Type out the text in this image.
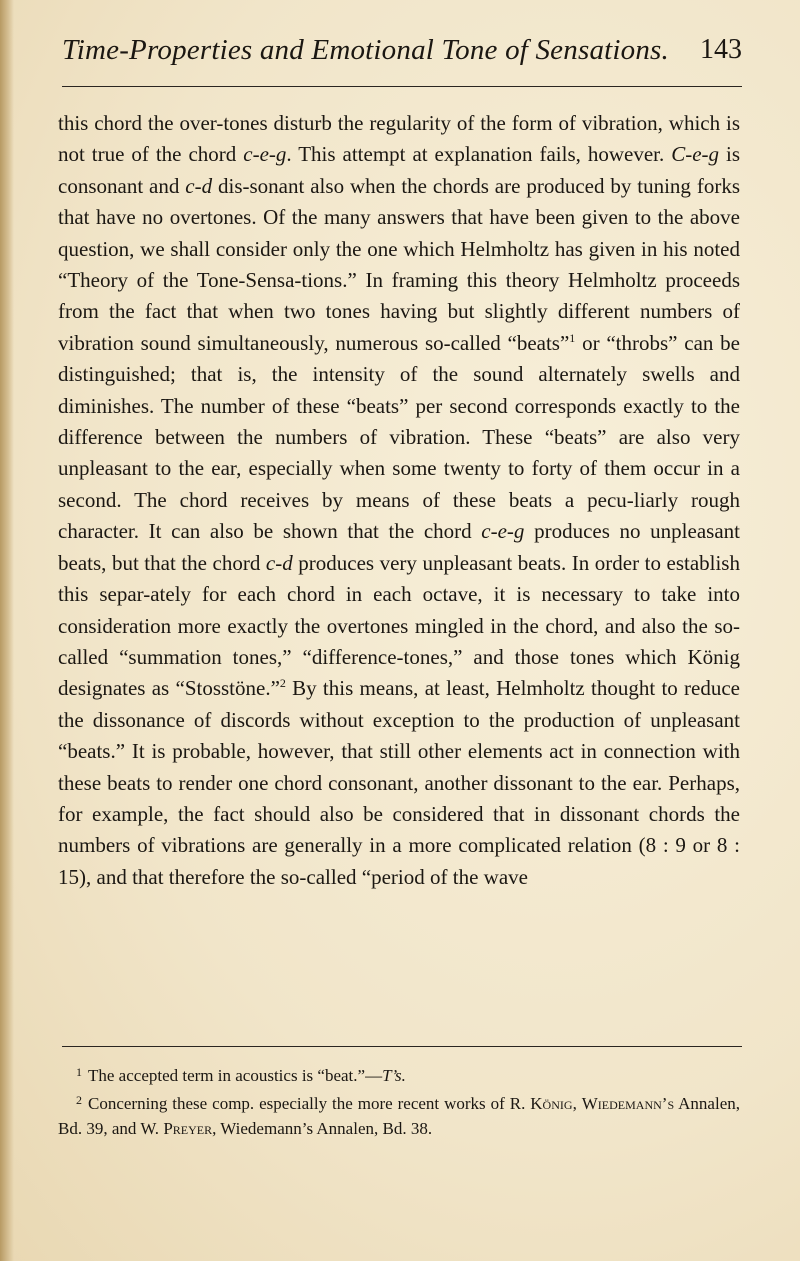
Time-Properties and Emotional Tone of Sensations. 143

this chord the over-tones disturb the regularity of the form of vibration, which is not true of the chord c-e-g. This attempt at explanation fails, however. C-e-g is consonant and c-d dis-sonant also when the chords are produced by tuning forks that have no overtones. Of the many answers that have been given to the above question, we shall consider only the one which Helmholtz has given in his noted “Theory of the Tone-Sensa-tions.” In framing this theory Helmholtz proceeds from the fact that when two tones having but slightly different numbers of vibration sound simultaneously, numerous so-called “beats”$^1$ or “throbs” can be distinguished; that is, the intensity of the sound alternately swells and diminishes. The number of these “beats” per second corresponds exactly to the difference between the numbers of vibration. These “beats” are also very unpleasant to the ear, especially when some twenty to forty of them occur in a second. The chord receives by means of these beats a pecu-liarly rough character. It can also be shown that the chord c-e-g produces no unpleasant beats, but that the chord c-d produces very unpleasant beats. In order to establish this separ-ately for each chord in each octave, it is necessary to take into consideration more exactly the overtones mingled in the chord, and also the so-called “summation tones,” “difference-tones,” and those tones which König designates as “Stosstöne.”$^2$ By this means, at least, Helmholtz thought to reduce the dissonance of discords without exception to the production of unpleasant “beats.” It is probable, however, that still other elements act in connection with these beats to render one chord consonant, another dissonant to the ear. Perhaps, for example, the fact should also be considered that in dissonant chords the numbers of vibrations are generally in a more complicated relation (8 : 9 or 8 : 15), and that therefore the so-called “period of the wave

$^1$ The accepted term in acoustics is “beat.”—T’s.

$^2$ Concerning these comp. especially the more recent works of R. König, Wiedemann’s Annalen, Bd. 39, and W. Preyer, Wiedemann’s Annalen, Bd. 38.
